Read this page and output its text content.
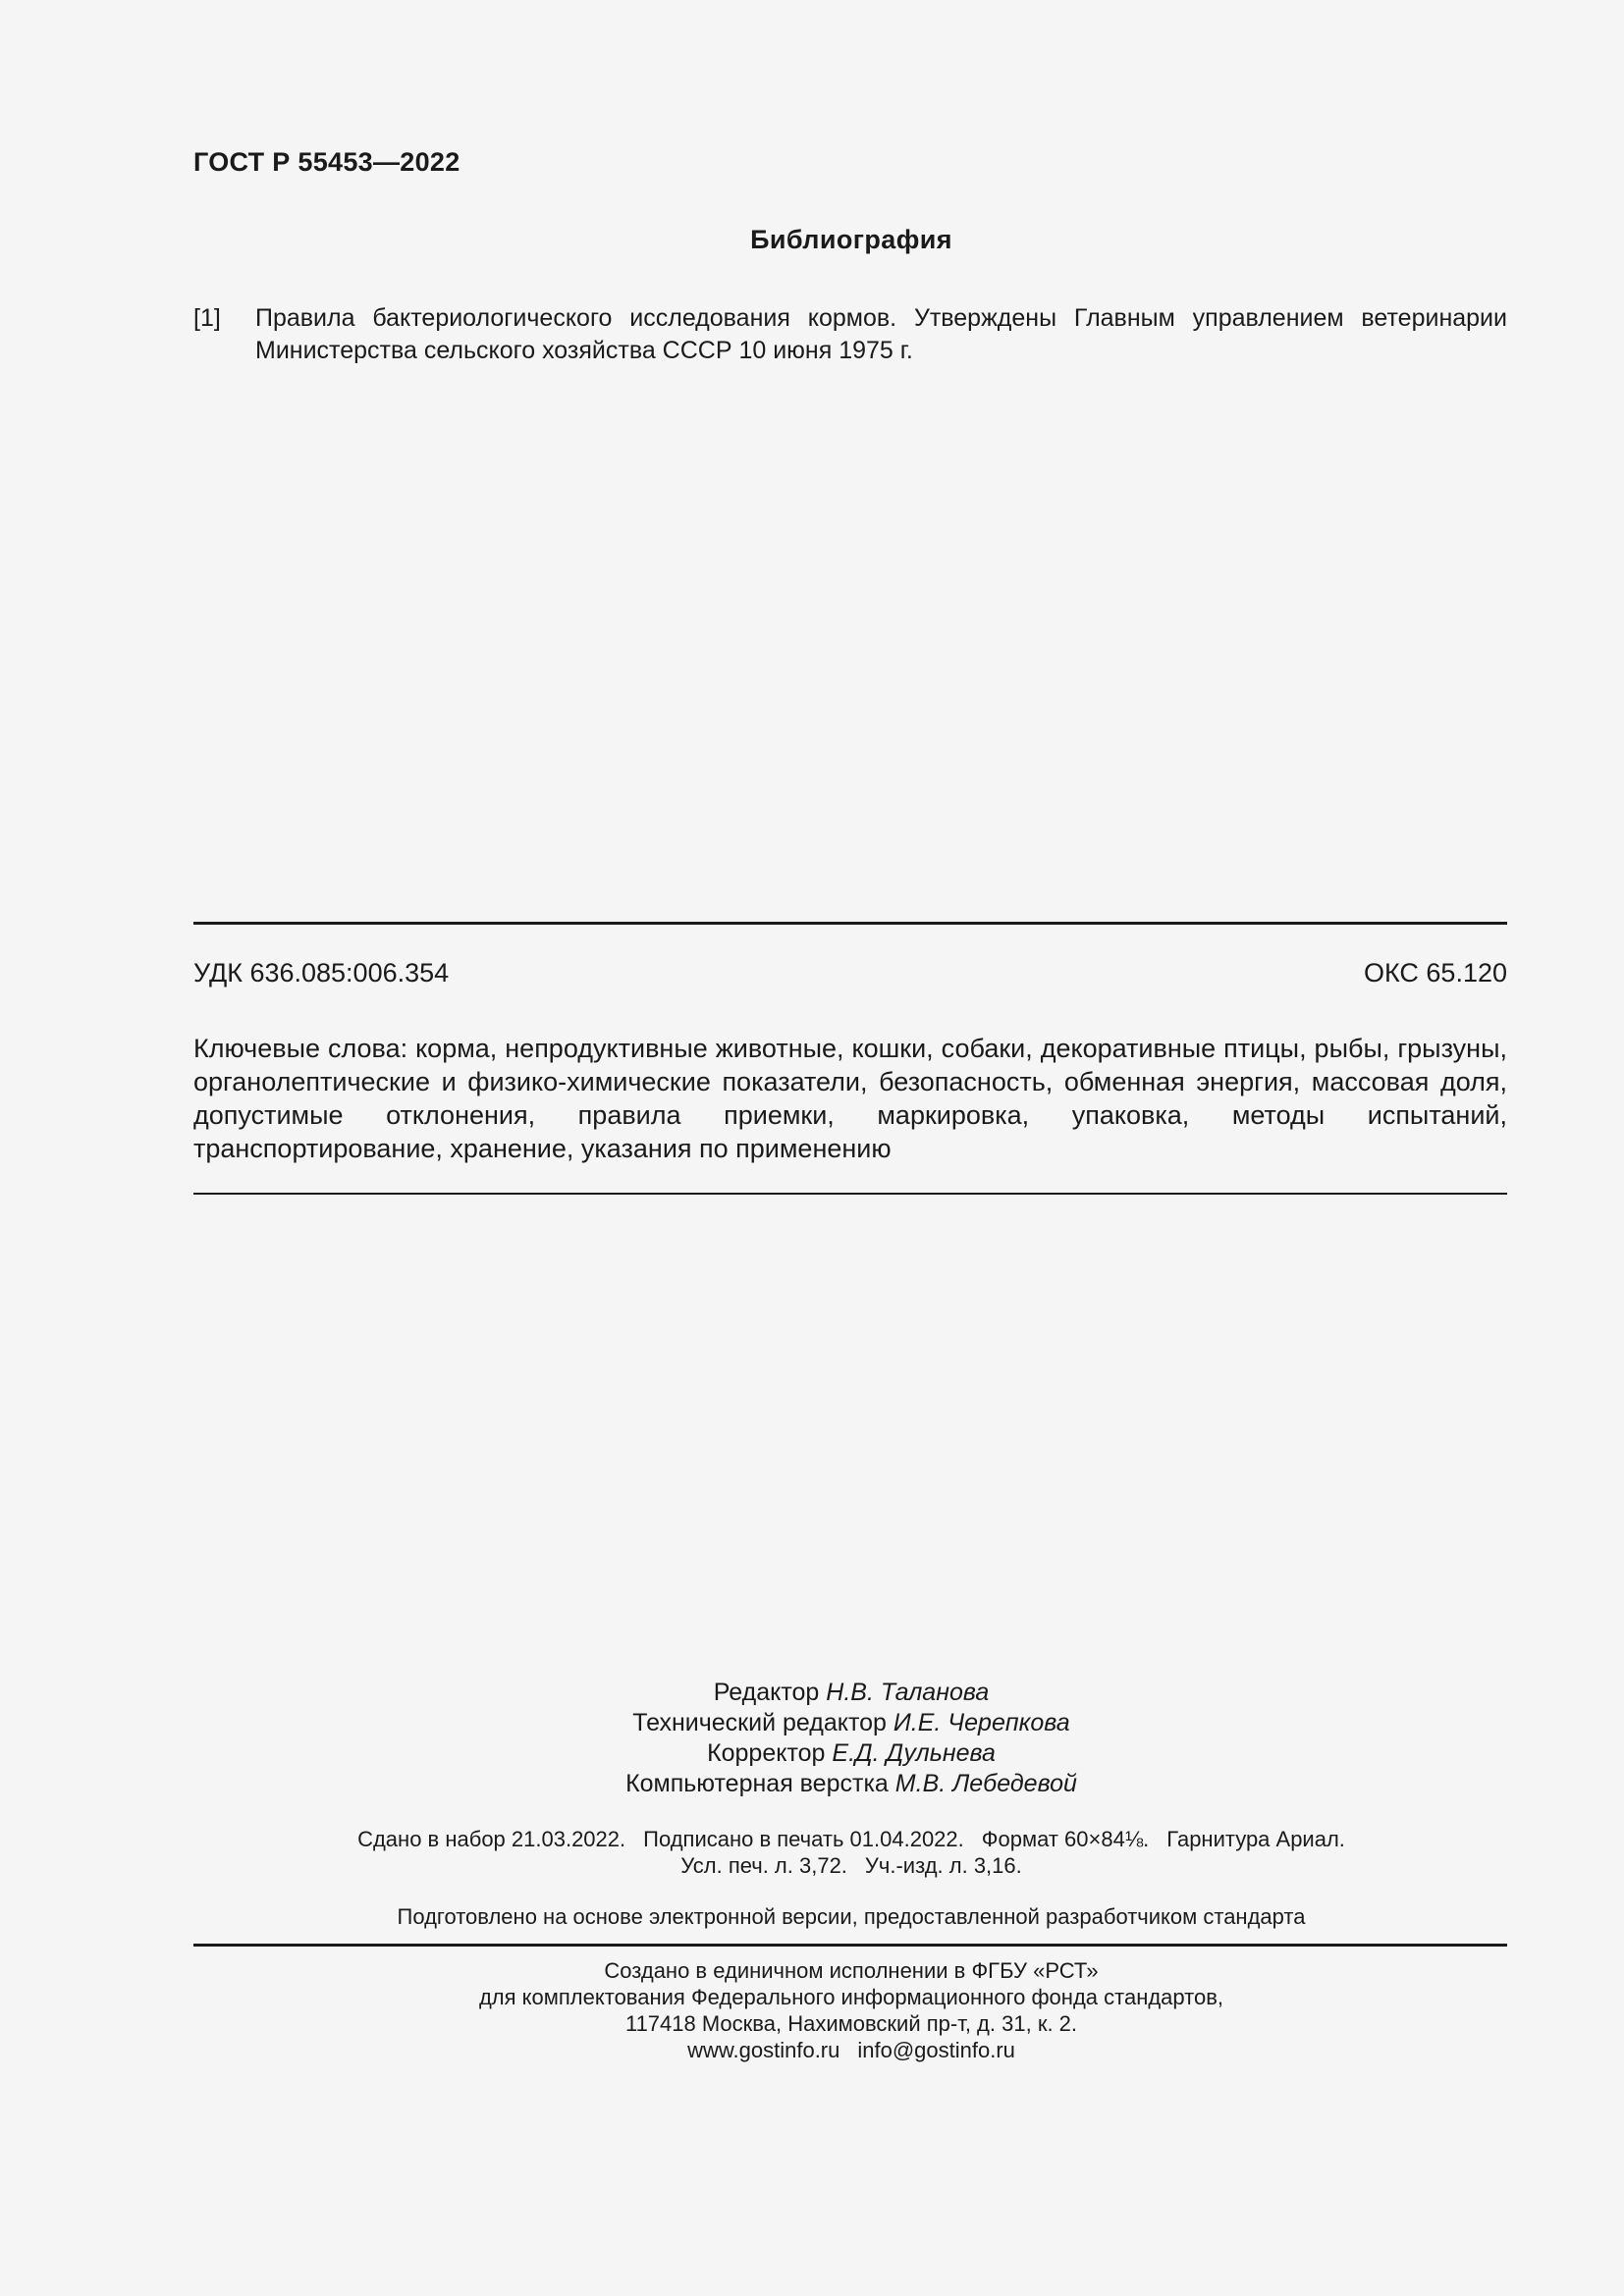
ГОСТ Р 55453—2022
Библиография
[1] Правила бактериологического исследования кормов. Утверждены Главным управлением ветеринарии Министерства сельского хозяйства СССР 10 июня 1975 г.
УДК 636.085:006.354	ОКС 65.120
Ключевые слова: корма, непродуктивные животные, кошки, собаки, декоративные птицы, рыбы, грызуны, органолептические и физико-химические показатели, безопасность, обменная энергия, массовая доля, допустимые отклонения, правила приемки, маркировка, упаковка, методы испытаний, транспортирование, хранение, указания по применению
Редактор Н.В. Таланова
Технический редактор И.Е. Черепкова
Корректор Е.Д. Дульнева
Компьютерная верстка М.В. Лебедевой
Сдано в набор 21.03.2022. Подписано в печать 01.04.2022. Формат 60×84⅛. Гарнитура Ариал.
Усл. печ. л. 3,72. Уч.-изд. л. 3,16.
Подготовлено на основе электронной версии, предоставленной разработчиком стандарта
Создано в единичном исполнении в ФГБУ «РСТ»
для комплектования Федерального информационного фонда стандартов,
117418 Москва, Нахимовский пр-т, д. 31, к. 2.
www.gostinfo.ru info@gostinfo.ru
